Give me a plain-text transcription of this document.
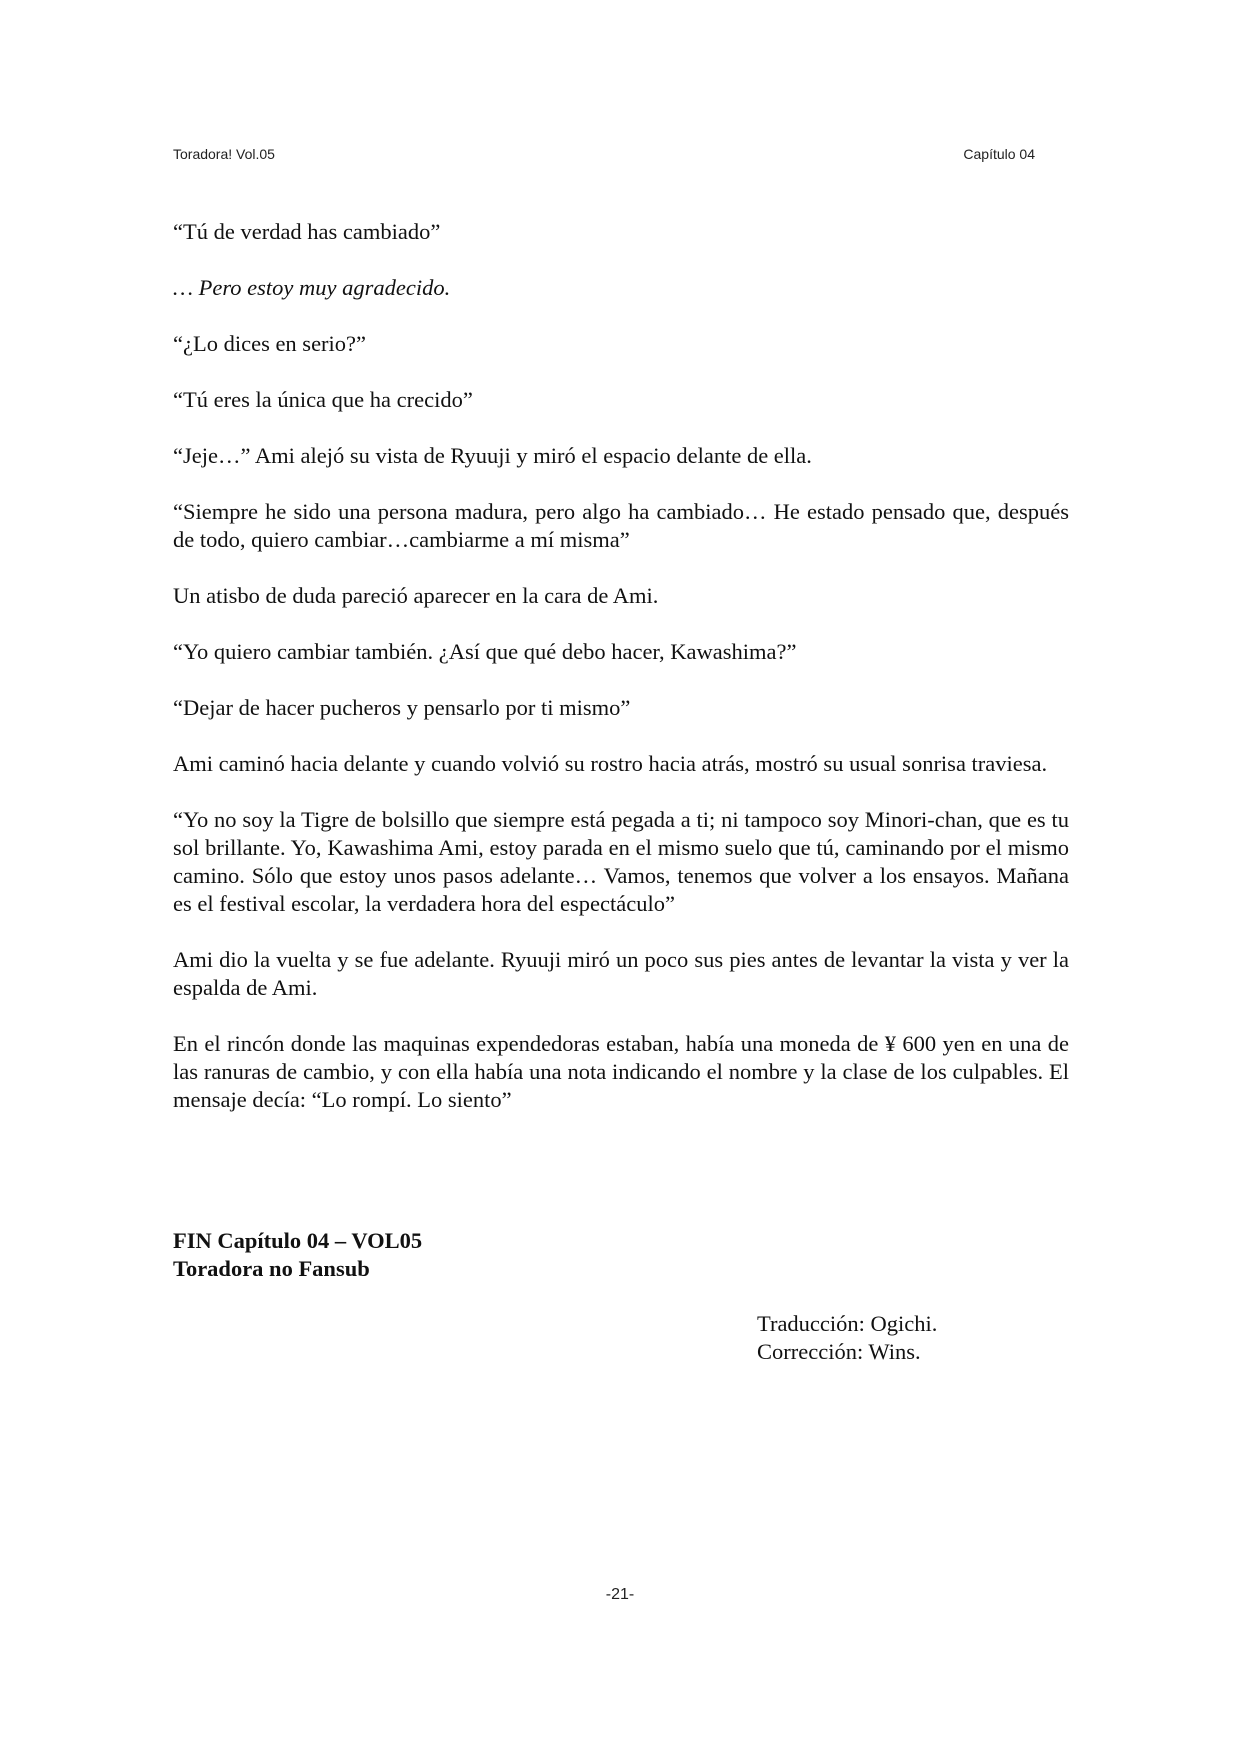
Toradora! Vol.05	Capítulo 04

“Tú de verdad has cambiado”

… Pero estoy muy agradecido.

“¿Lo dices en serio?”

“Tú eres la única que ha crecido”

“Jeje…” Ami alejó su vista de Ryuuji y miró el espacio delante de ella.

“Siempre he sido una persona madura, pero algo ha cambiado… He estado pensado que, después de todo, quiero cambiar…cambiarme a mí misma”

Un atisbo de duda pareció aparecer en la cara de Ami.

“Yo quiero cambiar también. ¿Así que qué debo hacer, Kawashima?”

“Dejar de hacer pucheros y pensarlo por ti mismo”

Ami caminó hacia delante y cuando volvió su rostro hacia atrás, mostró su usual sonrisa traviesa.

“Yo no soy la Tigre de bolsillo que siempre está pegada a ti; ni tampoco soy Minori-chan, que es tu sol brillante. Yo, Kawashima Ami, estoy parada en el mismo suelo que tú, caminando por el mismo camino. Sólo que estoy unos pasos adelante… Vamos, tenemos que volver a los ensayos. Mañana es el festival escolar, la verdadera hora del espectáculo”

Ami dio la vuelta y se fue adelante. Ryuuji miró un poco sus pies antes de levantar la vista y ver la espalda de Ami.

En el rincón donde las maquinas expendedoras estaban, había una moneda de ¥ 600 yen en una de las ranuras de cambio, y con ella había una nota indicando el nombre y la clase de los culpables. El mensaje decía: “Lo rompí. Lo siento”

FIN Capítulo 04 – VOL05
Toradora no Fansub
Traducción: Ogichi.
Corrección: Wins.
-21-
